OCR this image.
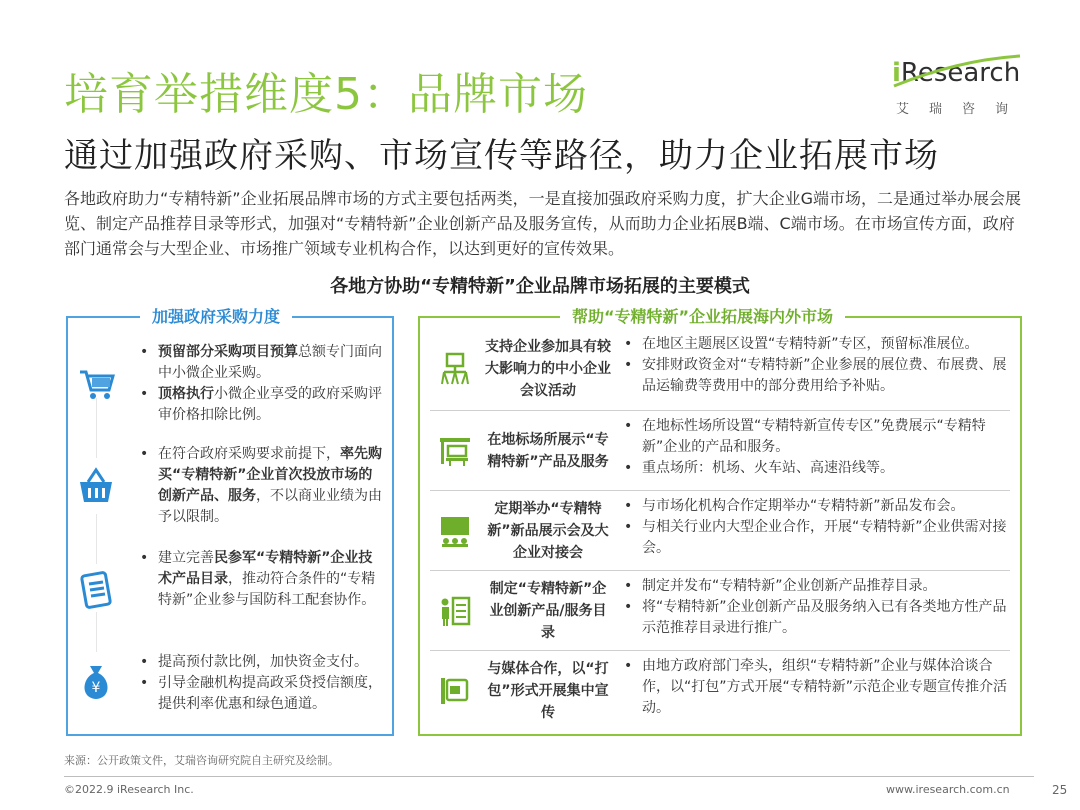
培育举措维度5：品牌市场
通过加强政府采购、市场宣传等路径，助力企业拓展市场
iResearch
艾瑞咨询
各地政府助力“专精特新”企业拓展品牌市场的方式主要包括两类，一是直接加强政府采购力度，扩大企业G端市场，二是通过举办展会展览、制定产品推荐目录等形式，加强对“专精特新”企业创新产品及服务宣传，从而助力企业拓展B端、C端市场。在市场宣传方面，政府部门通常会与大型企业、市场推广领域专业机构合作，以达到更好的宣传效果。
各地方协助“专精特新”企业品牌市场拓展的主要模式
加强政府采购力度
• 预留部分采购项目预算总额专门面向中小微企业采购。
• 顶格执行小微企业享受的政府采购评审价格扣除比例。
• 在符合政府采购要求前提下，率先购买“专精特新”企业首次投放市场的创新产品、服务，不以商业业绩为由予以限制。
• 建立完善民参军“专精特新”企业技术产品目录，推动符合条件的“专精特新”企业参与国防科工配套协作。
¥
• 提高预付款比例，加快资金支付。
• 引导金融机构提高政采贷授信额度，提供利率优惠和绿色通道。
帮助“专精特新”企业拓展海内外市场
支持企业参加具有较大影响力的中小企业会议活动
• 在地区主题展区设置“专精特新”专区，预留标准展位。
• 安排财政资金对“专精特新”企业参展的展位费、布展费、展品运输费等费用中的部分费用给予补贴。
在地标场所展示“专精特新”产品及服务
• 在地标性场所设置“专精特新宣传专区”免费展示“专精特新”企业的产品和服务。
• 重点场所：机场、火车站、高速沿线等。
定期举办“专精特新”新品展示会及大企业对接会
• 与市场化机构合作定期举办“专精特新”新品发布会。
• 与相关行业内大型企业合作，开展“专精特新”企业供需对接会。
制定“专精特新”企业创新产品/服务目录
• 制定并发布“专精特新”企业创新产品推荐目录。
• 将“专精特新”企业创新产品及服务纳入已有各类地方性产品示范推荐目录进行推广。
与媒体合作，以“打包”形式开展集中宣传
• 由地方政府部门牵头，组织“专精特新”企业与媒体洽谈合作，以“打包”方式开展“专精特新”示范企业专题宣传推介活动。
来源：公开政策文件，艾瑞咨询研究院自主研究及绘制。
©2022.9 iResearch Inc.	www.iresearch.com.cn	25
